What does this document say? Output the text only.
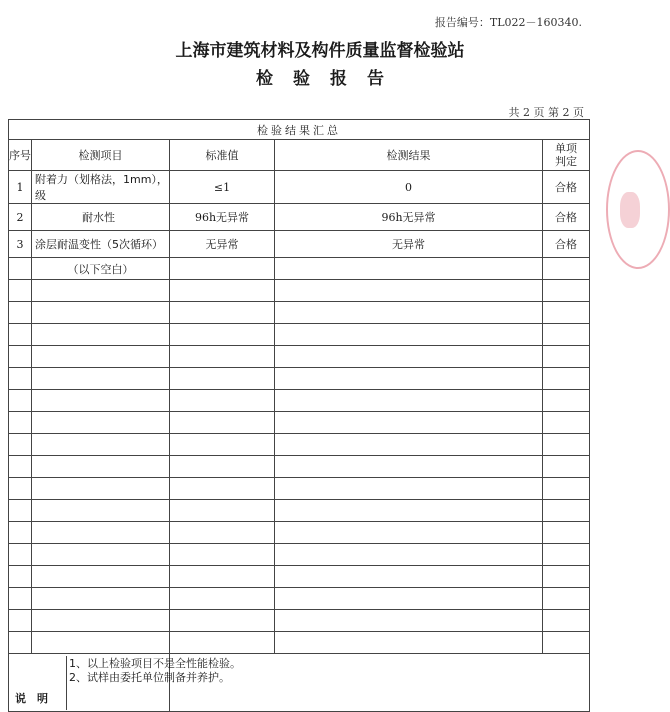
报告编号：TL022－160340.
上海市建筑材料及构件质量监督检验站
检验报告
共 2 页 第 2 页
检验结果汇总				
序号	检测项目	标准值	检测结果	单项
判定
1	附着力（划格法，1mm），级	≤1	0	合格
2	耐水性	96h无异常	96h无异常	合格
3	涂层耐温变性（5次循环）	无异常	无异常	合格
	（以下空白）			

说　明		1、以上检验项目不是全性能检验。
2、试样由委托单位制备并养护。		
